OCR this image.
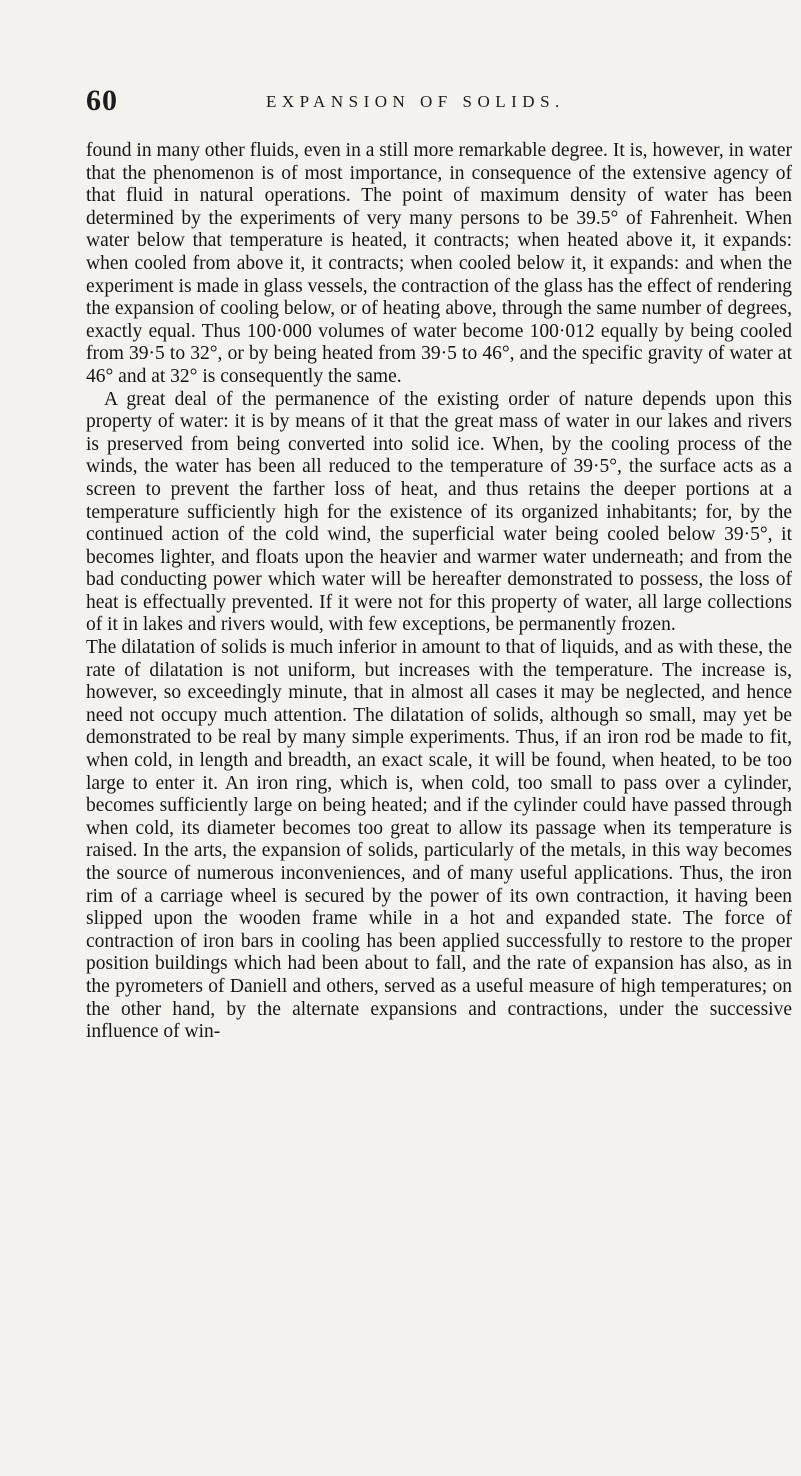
60	EXPANSION OF SOLIDS.

found in many other fluids, even in a still more remarkable degree. It is, however, in water that the phenomenon is of most importance, in consequence of the extensive agency of that fluid in natural operations. The point of maximum density of water has been determined by the experiments of very many persons to be 39.5° of Fahrenheit. When water below that temperature is heated, it contracts; when heated above it, it expands: when cooled from above it, it contracts; when cooled below it, it expands: and when the experiment is made in glass vessels, the contraction of the glass has the effect of rendering the expansion of cooling below, or of heating above, through the same number of degrees, exactly equal. Thus 100·000 volumes of water become 100·012 equally by being cooled from 39·5 to 32°, or by being heated from 39·5 to 46°, and the specific gravity of water at 46° and at 32° is consequently the same.

A great deal of the permanence of the existing order of nature depends upon this property of water: it is by means of it that the great mass of water in our lakes and rivers is preserved from being converted into solid ice. When, by the cooling process of the winds, the water has been all reduced to the temperature of 39·5°, the surface acts as a screen to prevent the farther loss of heat, and thus retains the deeper portions at a temperature sufficiently high for the existence of its organized inhabitants; for, by the continued action of the cold wind, the superficial water being cooled below 39·5°, it becomes lighter, and floats upon the heavier and warmer water underneath; and from the bad conducting power which water will be hereafter demonstrated to possess, the loss of heat is effectually prevented. If it were not for this property of water, all large collections of it in lakes and rivers would, with few exceptions, be permanently frozen.

The dilatation of solids is much inferior in amount to that of liquids, and as with these, the rate of dilatation is not uniform, but increases with the temperature. The increase is, however, so exceedingly minute, that in almost all cases it may be neglected, and hence need not occupy much attention. The dilatation of solids, although so small, may yet be demonstrated to be real by many simple experiments. Thus, if an iron rod be made to fit, when cold, in length and breadth, an exact scale, it will be found, when heated, to be too large to enter it. An iron ring, which is, when cold, too small to pass over a cylinder, becomes sufficiently large on being heated; and if the cylinder could have passed through when cold, its diameter becomes too great to allow its passage when its temperature is raised. In the arts, the expansion of solids, particularly of the metals, in this way becomes the source of numerous inconveniences, and of many useful applications. Thus, the iron rim of a carriage wheel is secured by the power of its own contraction, it having been slipped upon the wooden frame while in a hot and expanded state. The force of contraction of iron bars in cooling has been applied successfully to restore to the proper position buildings which had been about to fall, and the rate of expansion has also, as in the pyrometers of Daniell and others, served as a useful measure of high temperatures; on the other hand, by the alternate expansions and contractions, under the successive influence of win-
